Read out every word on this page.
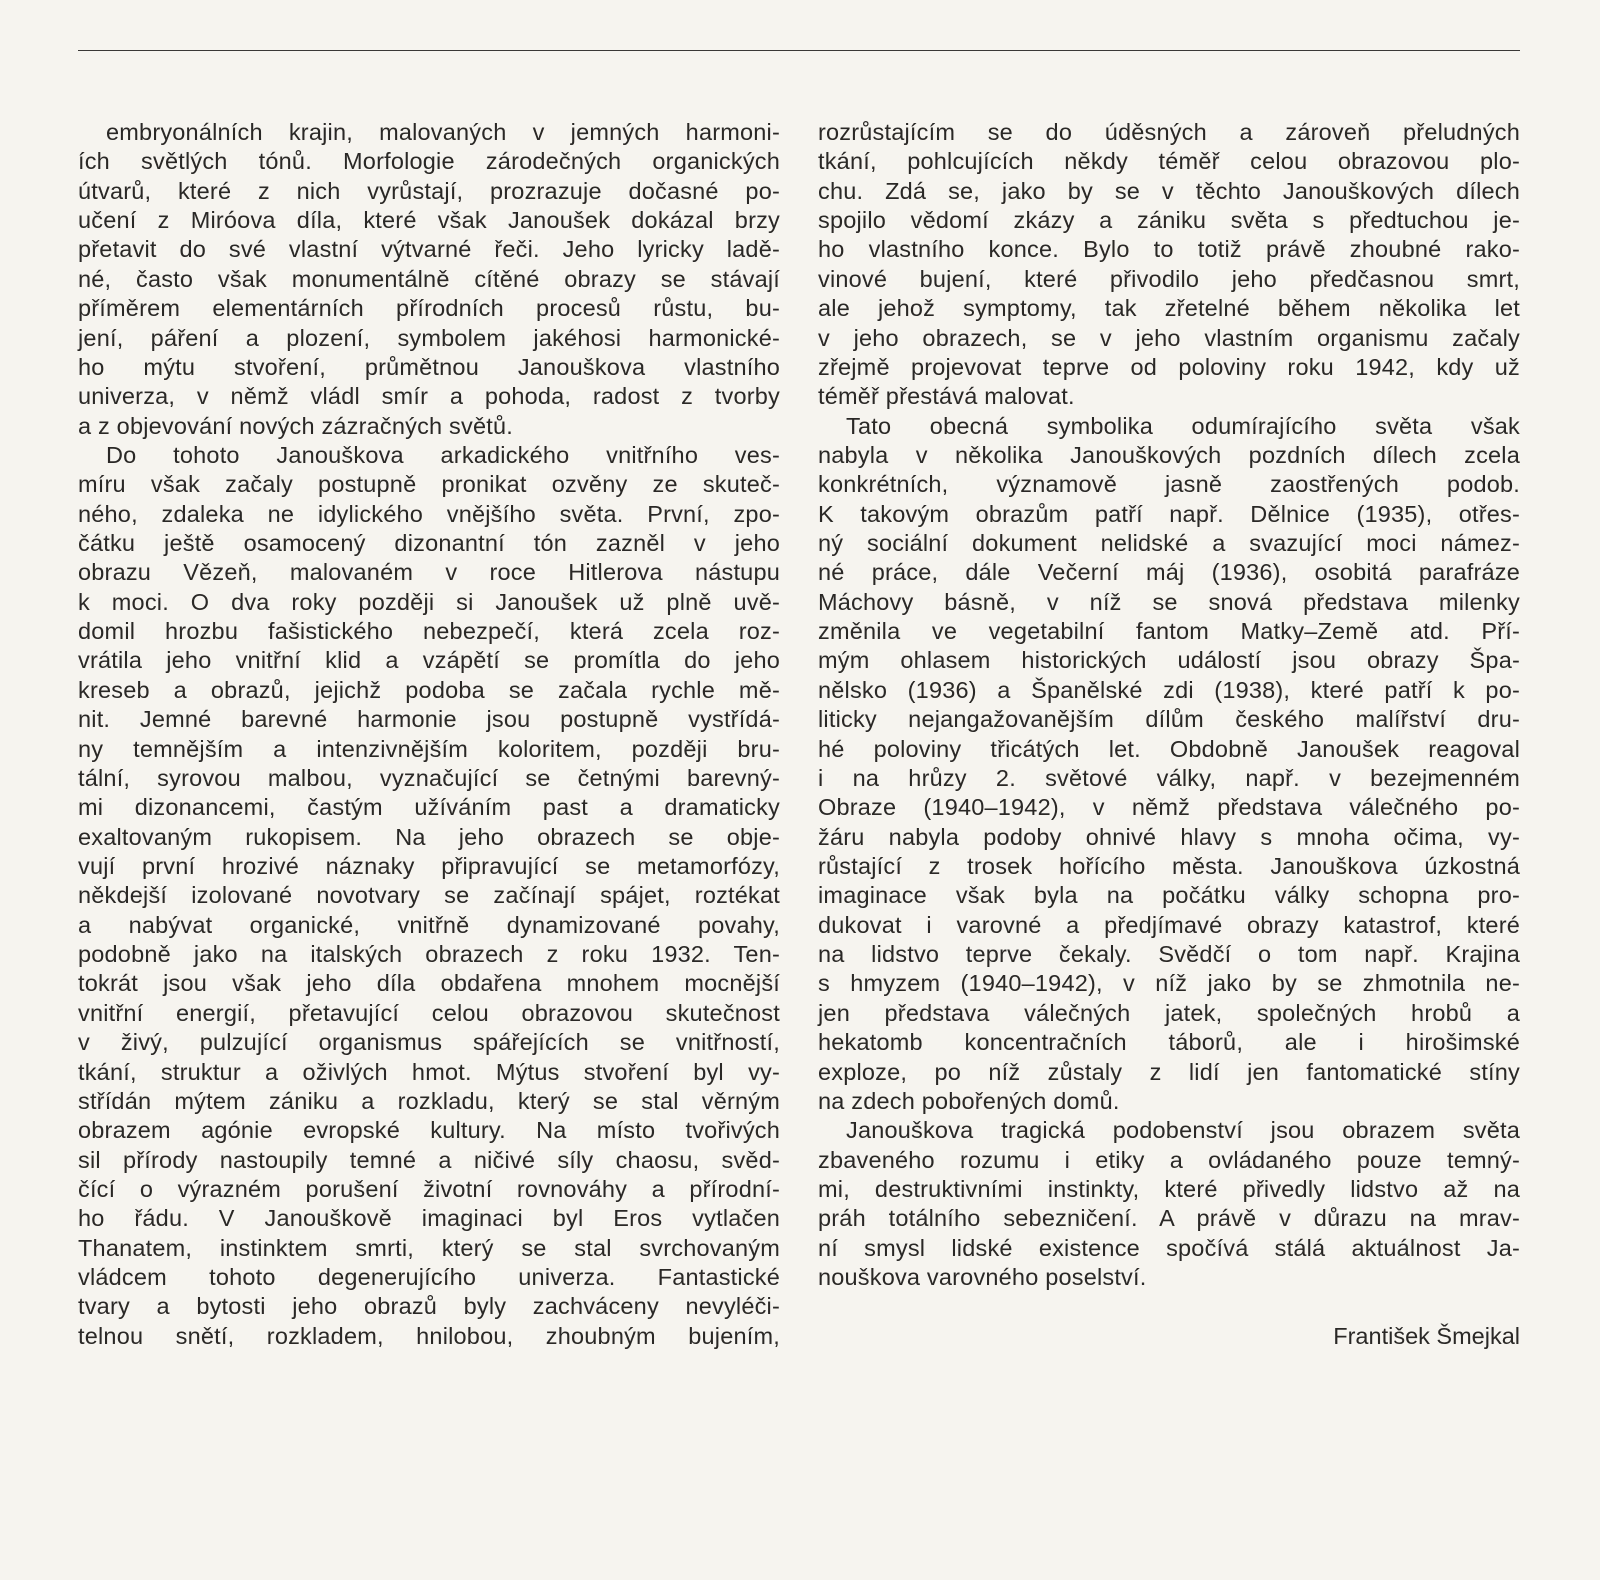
embryonálních krajin, malovaných v jemných harmoni-
ích světlých tónů. Morfologie zárodečných organických
útvarů, které z nich vyrůstají, prozrazuje dočasné po-
učení z Miróova díla, které však Janoušek dokázal brzy
přetavit do své vlastní výtvarné řeči. Jeho lyricky ladě-
né, často však monumentálně cítěné obrazy se stávají
příměrem elementárních přírodních procesů růstu, bu-
jení, páření a plození, symbolem jakéhosi harmonické-
ho mýtu stvoření, průmětnou Janouškova vlastního
univerza, v němž vládl smír a pohoda, radost z tvorby
a z objevování nových zázračných světů.
Do tohoto Janouškova arkadického vnitřního ves-
míru však začaly postupně pronikat ozvěny ze skuteč-
ného, zdaleka ne idylického vnějšího světa. První, zpo-
čátku ještě osamocený dizonantní tón zazněl v jeho
obrazu Vězeň, malovaném v roce Hitlerova nástupu
k moci. O dva roky později si Janoušek už plně uvě-
domil hrozbu fašistického nebezpečí, která zcela roz-
vrátila jeho vnitřní klid a vzápětí se promítla do jeho
kreseb a obrazů, jejichž podoba se začala rychle mě-
nit. Jemné barevné harmonie jsou postupně vystřídá-
ny temnějším a intenzivnějším koloritem, později bru-
tální, syrovou malbou, vyznačující se četnými barevný-
mi dizonancemi, častým užíváním past a dramaticky
exaltovaným rukopisem. Na jeho obrazech se obje-
vují první hrozivé náznaky připravující se metamorfózy,
někdejší izolované novotvary se začínají spájet, roztékat
a nabývat organické, vnitřně dynamizované povahy,
podobně jako na italských obrazech z roku 1932. Ten-
tokrát jsou však jeho díla obdařena mnohem mocnější
vnitřní energií, přetavující celou obrazovou skutečnost
v živý, pulzující organismus spářejících se vnitřností,
tkání, struktur a oživlých hmot. Mýtus stvoření byl vy-
střídán mýtem zániku a rozkladu, který se stal věrným
obrazem agónie evropské kultury. Na místo tvořivých
sil přírody nastoupily temné a ničivé síly chaosu, svěd-
čící o výrazném porušení životní rovnováhy a přírodní-
ho řádu. V Janouškově imaginaci byl Eros vytlačen
Thanatem, instinktem smrti, který se stal svrchovaným
vládcem tohoto degenerujícího univerza. Fantastické
tvary a bytosti jeho obrazů byly zachváceny nevyléči-
telnou snětí, rozkladem, hnilobou, zhoubným bujením,
rozrůstajícím se do úděsných a zároveň přeludných
tkání, pohlcujících někdy téměř celou obrazovou plo-
chu. Zdá se, jako by se v těchto Janouškových dílech
spojilo vědomí zkázy a zániku světa s předtuchou je-
ho vlastního konce. Bylo to totiž právě zhoubné rako-
vinové bujení, které přivodilo jeho předčasnou smrt,
ale jehož symptomy, tak zřetelné během několika let
v jeho obrazech, se v jeho vlastním organismu začaly
zřejmě projevovat teprve od poloviny roku 1942, kdy už
téměř přestává malovat.
Tato obecná symbolika odumírajícího světa však
nabyla v několika Janouškových pozdních dílech zcela
konkrétních, významově jasně zaostřených podob.
K takovým obrazům patří např. Dělnice (1935), otřes-
ný sociální dokument nelidské a svazující moci námez-
né práce, dále Večerní máj (1936), osobitá parafráze
Máchovy básně, v níž se snová představa milenky
změnila ve vegetabilní fantom Matky–Země atd. Pří-
mým ohlasem historických událostí jsou obrazy Špa-
nělsko (1936) a Španělské zdi (1938), které patří k po-
liticky nejangažovanějším dílům českého malířství dru-
hé poloviny třicátých let. Obdobně Janoušek reagoval
i na hrůzy 2. světové války, např. v bezejmenném
Obraze (1940–1942), v němž představa válečného po-
žáru nabyla podoby ohnivé hlavy s mnoha očima, vy-
růstající z trosek hořícího města. Janouškova úzkostná
imaginace však byla na počátku války schopna pro-
dukovat i varovné a předjímavé obrazy katastrof, které
na lidstvo teprve čekaly. Svědčí o tom např. Krajina
s hmyzem (1940–1942), v níž jako by se zhmotnila ne-
jen představa válečných jatek, společných hrobů a
hekatomb koncentračních táborů, ale i hirošimské
exploze, po níž zůstaly z lidí jen fantomatické stíny
na zdech pobořených domů.
Janouškova tragická podobenství jsou obrazem světa
zbaveného rozumu i etiky a ovládaného pouze temný-
mi, destruktivními instinkty, které přivedly lidstvo až na
práh totálního sebezničení. A právě v důrazu na mrav-
ní smysl lidské existence spočívá stálá aktuálnost Ja-
nouškova varovného poselství.
František Šmejkal
